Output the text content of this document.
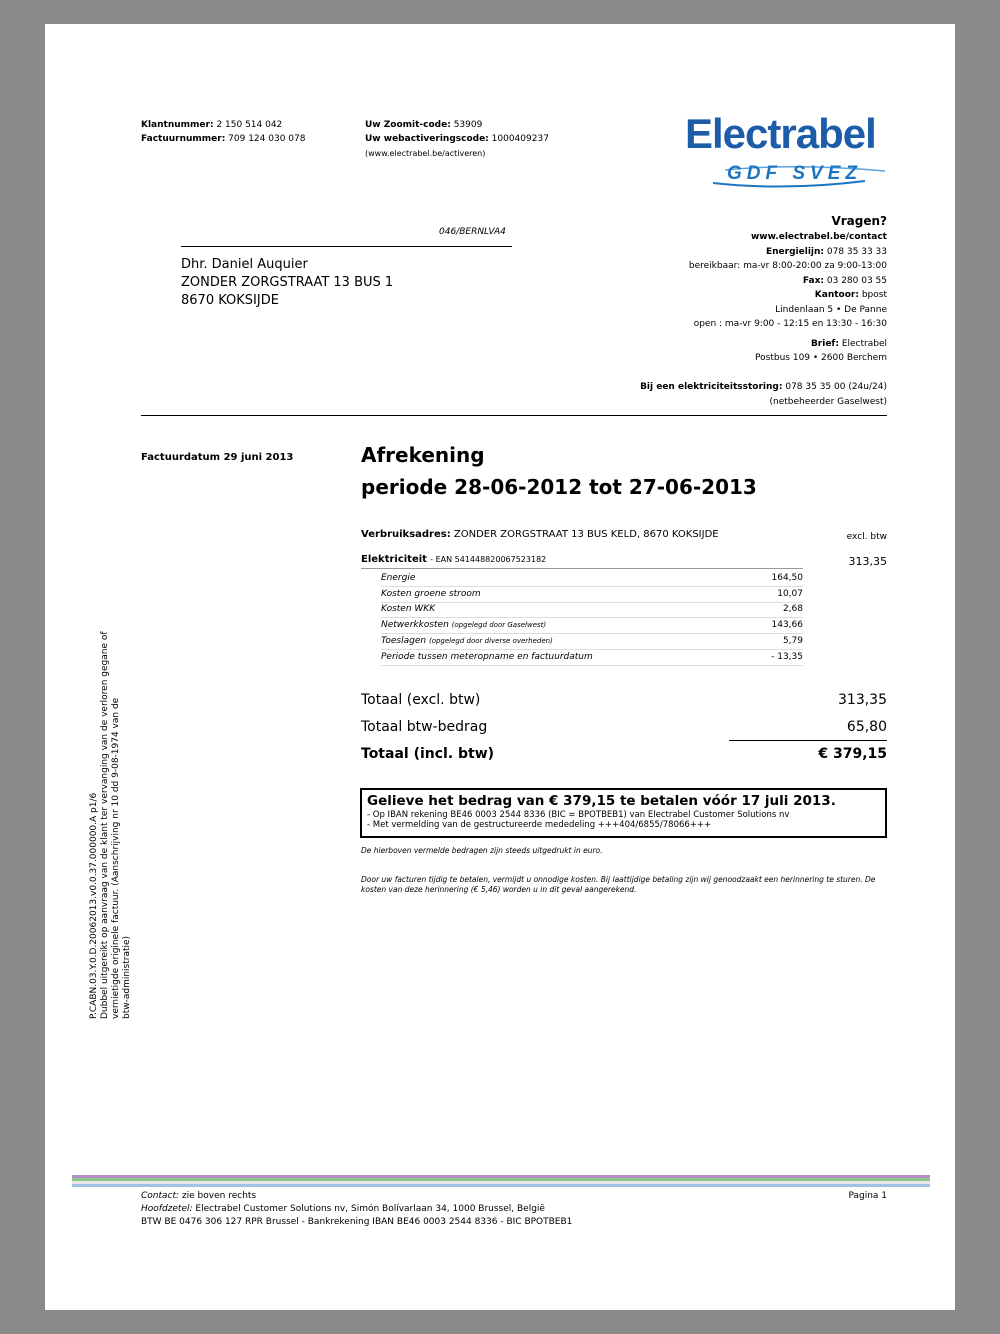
Klantnummer: 2 150 514 042
Factuurnummer: 709 124 030 078
Uw Zoomit-code: 53909
Uw webactiveringscode: 1000409237
(www.electrabel.be/activeren)	Electrabel
GDF SVEZ
046/BERNLVA4
Dhr. Daniel Auquier
ZONDER ZORGSTRAAT 13 BUS 1
8670 KOKSIJDE
Vragen?
www.electrabel.be/contact
Energielijn: 078 35 33 33
bereikbaar: ma-vr 8:00-20:00 za 9:00-13:00
Fax: 03 280 03 55
Kantoor: bpost
Lindenlaan 5 • De Panne
open : ma-vr 9:00 - 12:15 en 13:30 - 16:30
Brief: Electrabel
Postbus 109 • 2600 Berchem
Bij een elektriciteitsstoring: 078 35 35 00 (24u/24)
(netbeheerder Gaselwest)
Factuurdatum 29 juni 2013	Afrekening
periode 28-06-2012 tot 27-06-2013
Verbruiksadres: ZONDER ZORGSTRAAT 13 BUS KELD, 8670 KOKSIJDE	excl. btw
Elektriciteit - EAN 541448820067523182	313,35
Totaal (excl. btw)	313,35
Totaal btw-bedrag	65,80
Totaal (incl. btw)	€ 379,15
Gelieve het bedrag van € 379,15 te betalen vóór 17 juli 2013.
- Op IBAN rekening BE46 0003 2544 8336 (BIC = BPOTBEB1) van Electrabel Customer Solutions nv
- Met vermelding van de gestructureerde mededeling +++404/6855/78066+++
De hierboven vermelde bedragen zijn steeds uitgedrukt in euro.
Door uw facturen tijdig te betalen, vermijdt u onnodige kosten. Bij laattijdige betaling zijn wij genoodzaakt een herinnering te sturen. De
kosten van deze herinnering (€ 5,46) worden u in dit geval aangerekend.
P.CABN.03.Y.0.D.20062013.v0.0.37.000000.A p1/6 Dubbel uitgereikt op aanvraag van de klant ter vervanging van de verloren gegane of vernietigde originele factuur. (Aanschrijving nr 10 dd 9-08-1974 van de btw-administratie)
Contact: zie boven rechts
Hoofdzetel: Electrabel Customer Solutions nv, Simón Bolívarlaan 34, 1000 Brussel, België
BTW BE 0476 306 127 RPR Brussel - Bankrekening IBAN BE46 0003 2544 8336 - BIC BPOTBEB1
Pagina 1
Energie	164,50
Kosten groene stroom	10,07
Kosten WKK	2,68
Netwerkkosten (opgelegd door Gaselwest)	143,66
Toeslagen (opgelegd door diverse overheden)	5,79
Periode tussen meteropname en factuurdatum	- 13,35
